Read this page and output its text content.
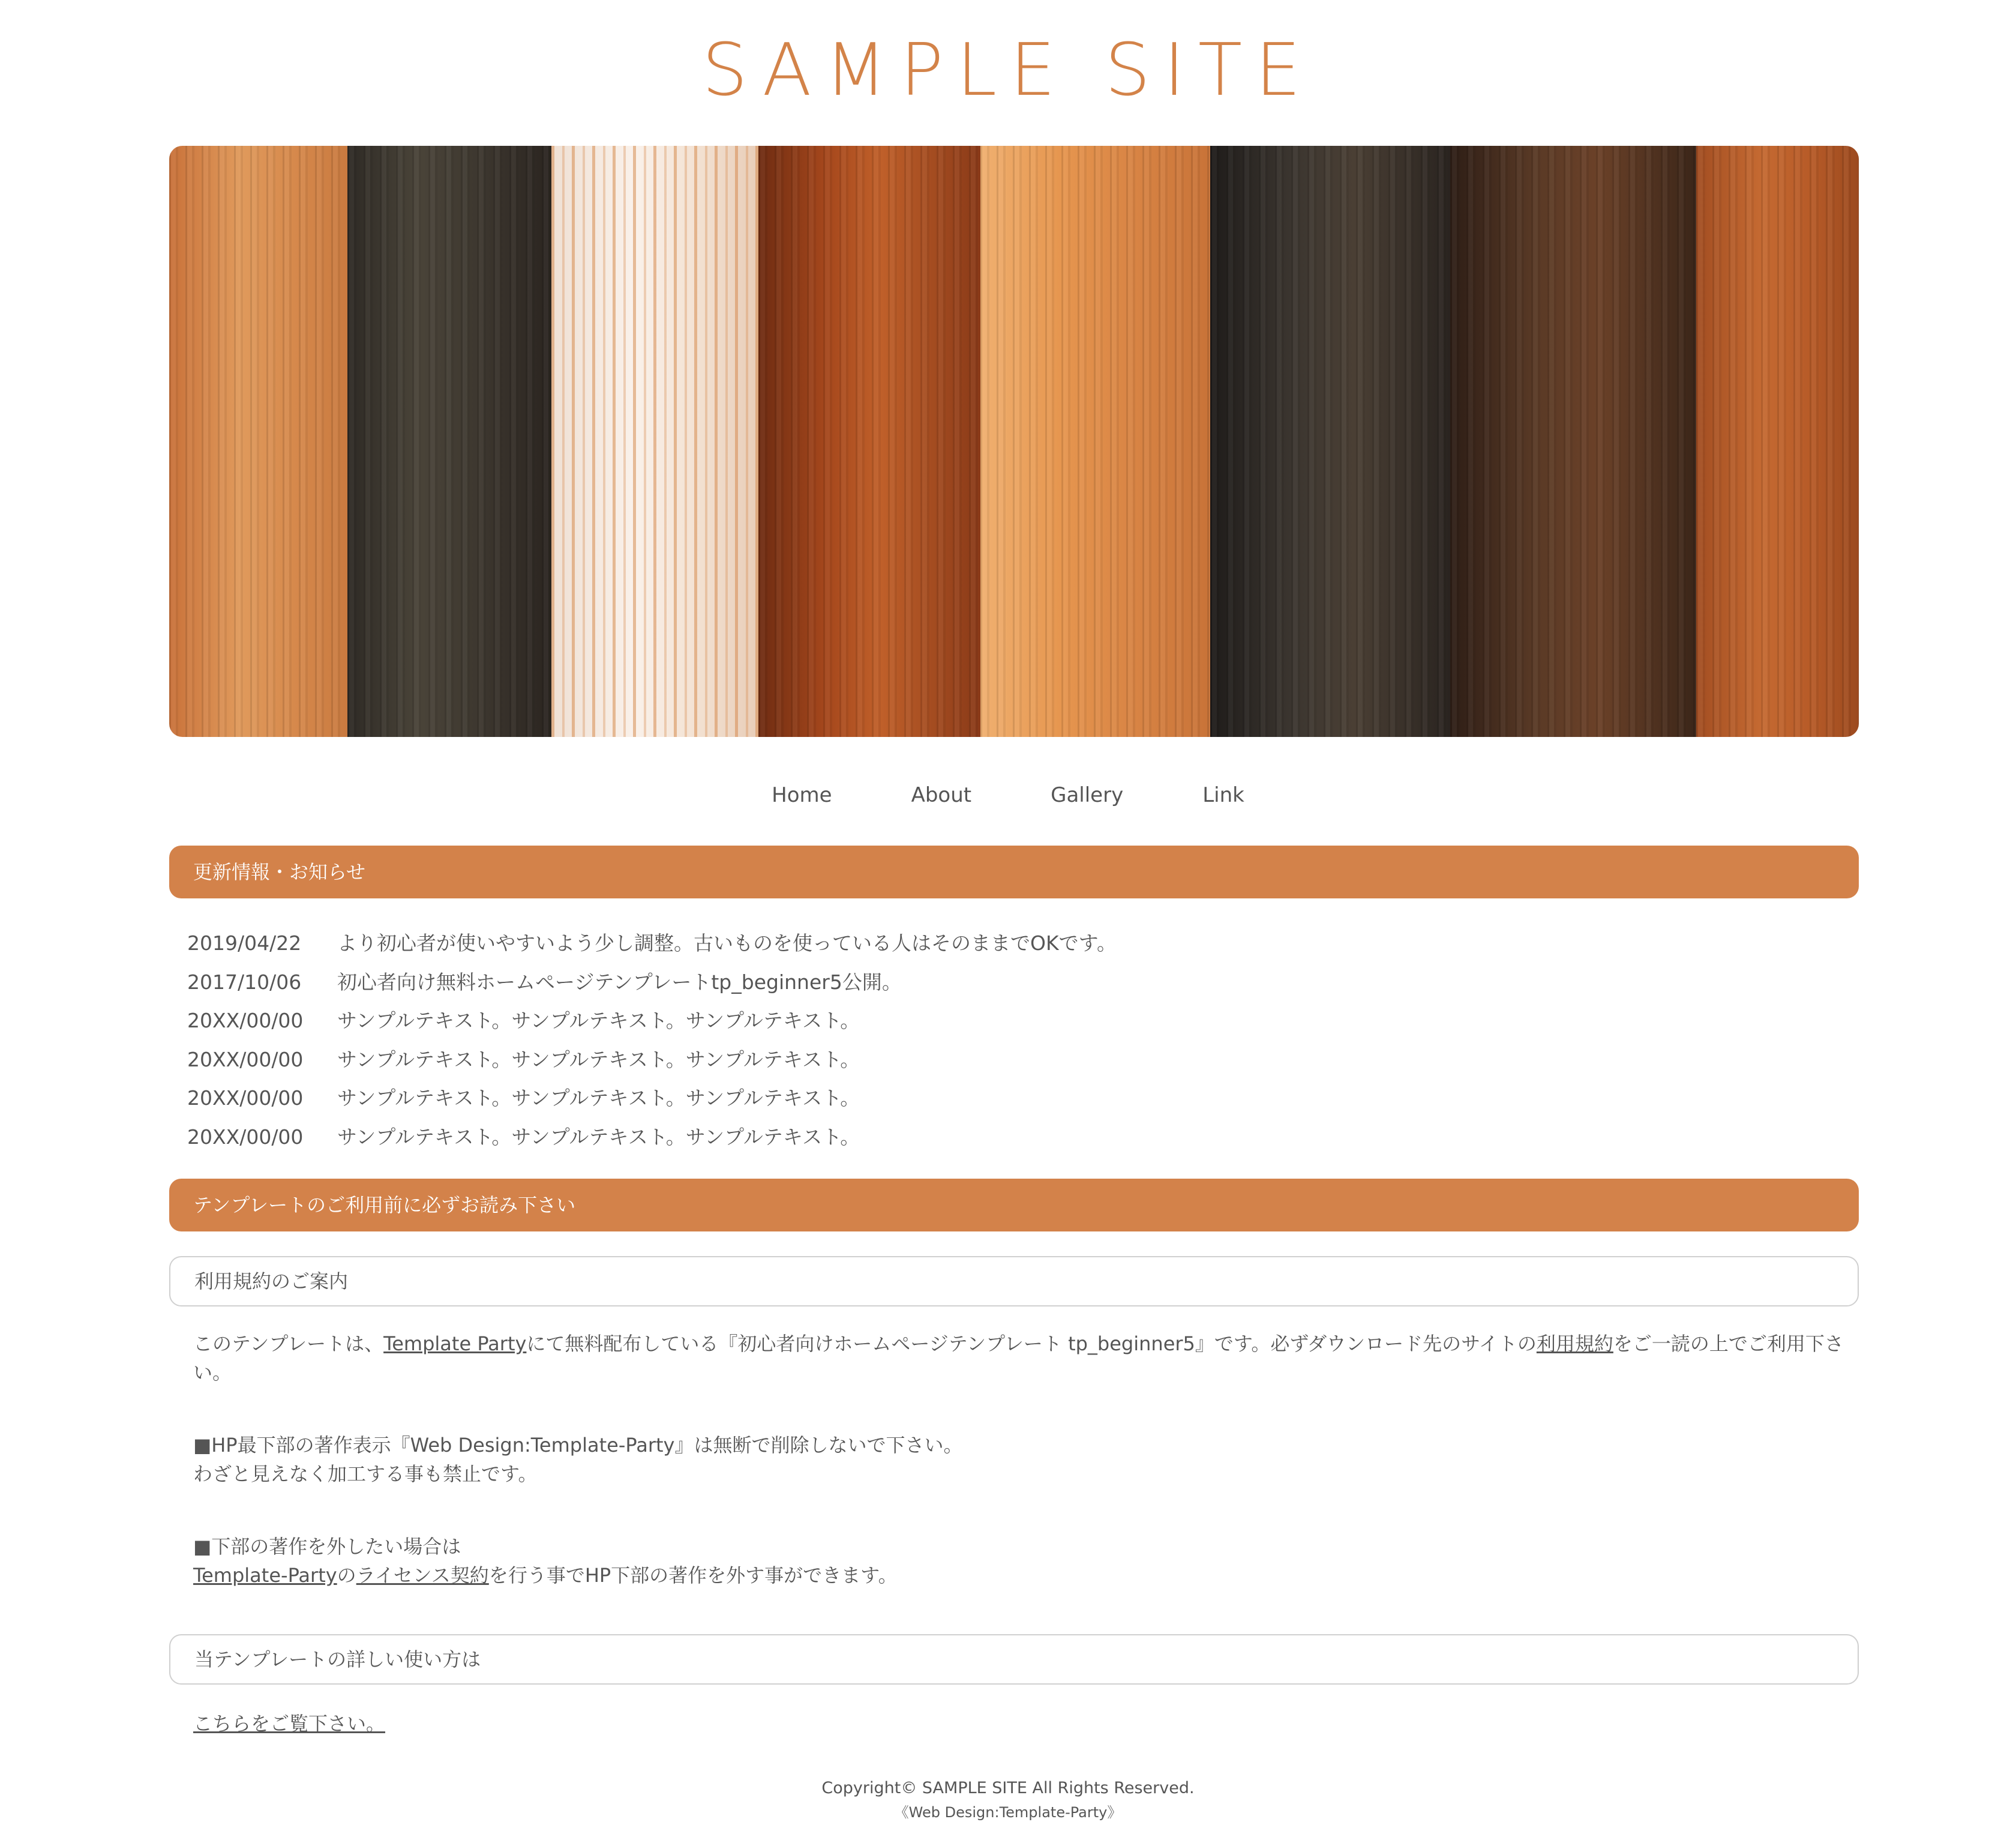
SAMPLE SITE
Home	About	Gallery	Link
更新情報・お知らせ
2019/04/22 より初心者が使いやすいよう少し調整。古いものを使っている人はそのままでOKです。
2017/10/06 初心者向け無料ホームページテンプレートtp_beginner5公開。
20XX/00/00 サンプルテキスト。サンプルテキスト。サンプルテキスト。
20XX/00/00 サンプルテキスト。サンプルテキスト。サンプルテキスト。
20XX/00/00 サンプルテキスト。サンプルテキスト。サンプルテキスト。
20XX/00/00 サンプルテキスト。サンプルテキスト。サンプルテキスト。
テンプレートのご利用前に必ずお読み下さい
利用規約のご案内

このテンプレートは、Template Partyにて無料配布している『初心者向けホームページテンプレート tp_beginner5』です。必ずダウンロード先のサイトの利用規約をご一読の上でご利用下さい。

■HP最下部の著作表示『Web Design:Template-Party』は無断で削除しないで下さい。
わざと見えなく加工する事も禁止です。

■下部の著作を外したい場合は
Template-Partyのライセンス契約を行う事でHP下部の著作を外す事ができます。

当テンプレートの詳しい使い方は
こちらをご覧下さい。
Copyright© SAMPLE SITE All Rights Reserved.
《Web Design:Template-Party》
